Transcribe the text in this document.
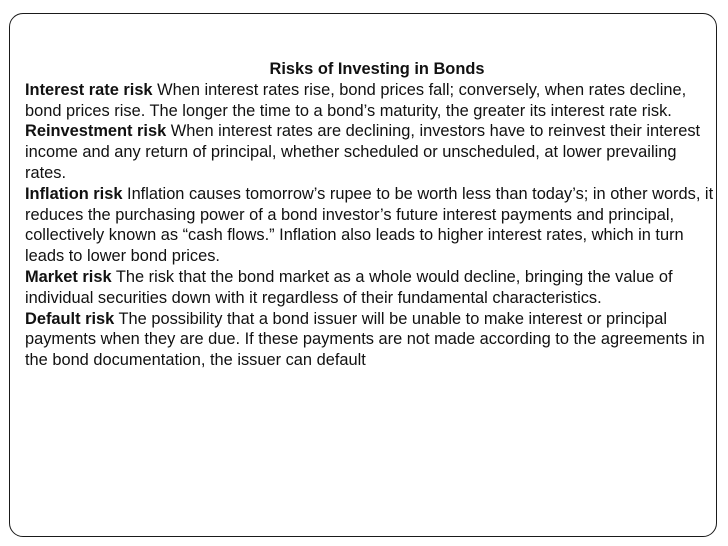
Risks of Investing in Bonds

Interest rate risk When interest rates rise, bond prices fall; conversely, when rates decline, bond prices rise. The longer the time to a bond’s maturity, the greater its interest rate risk.

Reinvestment risk When interest rates are declining, investors have to reinvest their interest income and any return of principal, whether scheduled or unscheduled, at lower prevailing rates.

Inflation risk Inflation causes tomorrow’s rupee to be worth less than today’s; in other words, it reduces the purchasing power of a bond investor’s future interest payments and principal, collectively known as “cash flows.” Inflation also leads to higher interest rates, which in turn leads to lower bond prices.

Market risk The risk that the bond market as a whole would decline, bringing the value of individual securities down with it regardless of their fundamental characteristics.

Default risk The possibility that a bond issuer will be unable to make interest or principal payments when they are due. If these payments are not made according to the agreements in the bond documentation, the issuer can default
